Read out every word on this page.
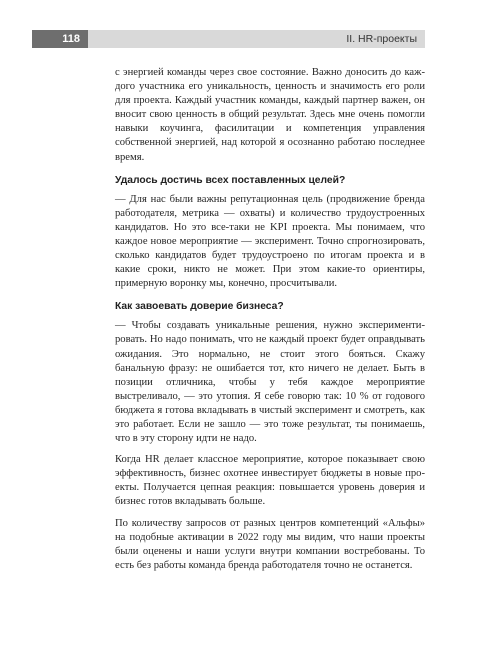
118	II. HR-проекты

с энергией команды через свое состояние. Важно доносить до каждого участника его уникальность, ценность и значимость его роли для проекта. Каждый участник команды, каждый партнер важен, он вносит свою ценность в общий результат. Здесь мне очень помогли навыки коучинга, фасилитации и компетенция управления собственной энергией, над которой я осознанно работаю последнее время.

Удалось достичь всех поставленных целей?

— Для нас были важны репутационная цель (продвижение бренда работодателя, метрика — охваты) и количество трудоустроенных кандидатов. Но это все-таки не KPI проекта. Мы понимаем, что каждое новое мероприятие — эксперимент. Точно спрогнозировать, сколько кандидатов будет трудоустроено по итогам проекта и в какие сроки, никто не может. При этом какие-то ориентиры, примерную воронку мы, конечно, просчитывали.

Как завоевать доверие бизнеса?

— Чтобы создавать уникальные решения, нужно экспериментировать. Но надо понимать, что не каждый проект будет оправдывать ожидания. Это нормально, не стоит этого бояться. Скажу банальную фразу: не ошибается тот, кто ничего не делает. Быть в позиции отличника, чтобы у тебя каждое мероприятие выстреливало, — это утопия. Я себе говорю так: 10 % от годового бюджета я готова вкладывать в чистый эксперимент и смотреть, как это работает. Если не зашло — это тоже результат, ты понимаешь, что в эту сторону идти не надо.

Когда HR делает классное мероприятие, которое показывает свою эффективность, бизнес охотнее инвестирует бюджеты в новые проекты. Получается цепная реакция: повышается уровень доверия и бизнес готов вкладывать больше.

По количеству запросов от разных центров компетенций «Альфы» на подобные активации в 2022 году мы видим, что наши проекты были оценены и наши услуги внутри компании востребованы. То есть без работы команда бренда работодателя точно не останется.
